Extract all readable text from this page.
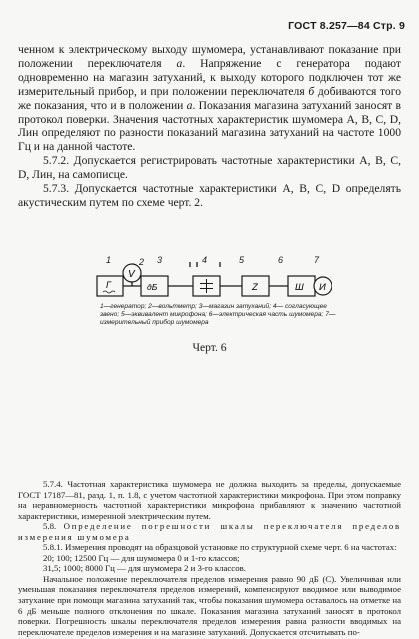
ГОСТ 8.257—84 Стр. 9

ченном к электрическому выходу шумомера, устанавливают показание при положении переключателя a. Напряжение с генератора подают одновременно на магазин затуханий, к выходу которого подключен тот же измерительный прибор, и при положении переключателя б добиваются того же показания, что и в положении a. Показания магазина затуханий заносят в протокол поверки. Значения частотных характеристик шумомера А, В, С, D, Лин определяют по разности показаний магазина затуханий на частоте 1000 Гц и на данной частоте.

5.7.2. Допускается регистрировать частотные характеристики А, В, С, D, Лин, на самописце.

5.7.3. Допускается частотные характеристики А, В, С, D определять акустическим путем по схеме черт. 2.

1	2 3	4	5	6	7
Г
V
дБ	Z	Ш И
1—генератор; 2—вольтметр; 3—магазин затуханий; 4— согласующее звено; 5—эквивалент микрофона; 6—электрическая часть шумомера; 7—измерительный прибор шумомера
Черт. 6

5.7.4. Частотная характеристика шумомера не должна выходить за пределы, допускаемые ГОСТ 17187—81, разд. 1, п. 1.8, с учетом частотной характеристики микрофона. При этом поправку на неравномерность частотной характеристики микрофона прибавляют к значению частотной характеристики, измеренной электрическим путем.

5.8. Определение погрешности шкалы переключателя пределов измерения шумомера

5.8.1. Измерения проводят на образцовой установке по структурной схеме черт. 6 на частотах:

20; 100; 12500 Гц — для шумомера 0 и 1-го классов;

31,5; 1000; 8000 Гц — для шумомера 2 и 3-го классов.

Начальное положение переключателя пределов измерения равно 90 дБ (С). Увеличивая или уменьшая показания переключателя пределов измерений, компенсируют вводимое или выводимое затухание при помощи магазина затуханий так, чтобы показания шумомера оставалось на отметке на 6 дБ меньше полного отклонения по шкале. Показания магазина затуханий заносят в протокол поверки. Погрешность шкалы переключателя пределов измерения равна разности вводимых на переключателе пределов измерения и на магазине затуханий. Допускается отсчитывать по-
